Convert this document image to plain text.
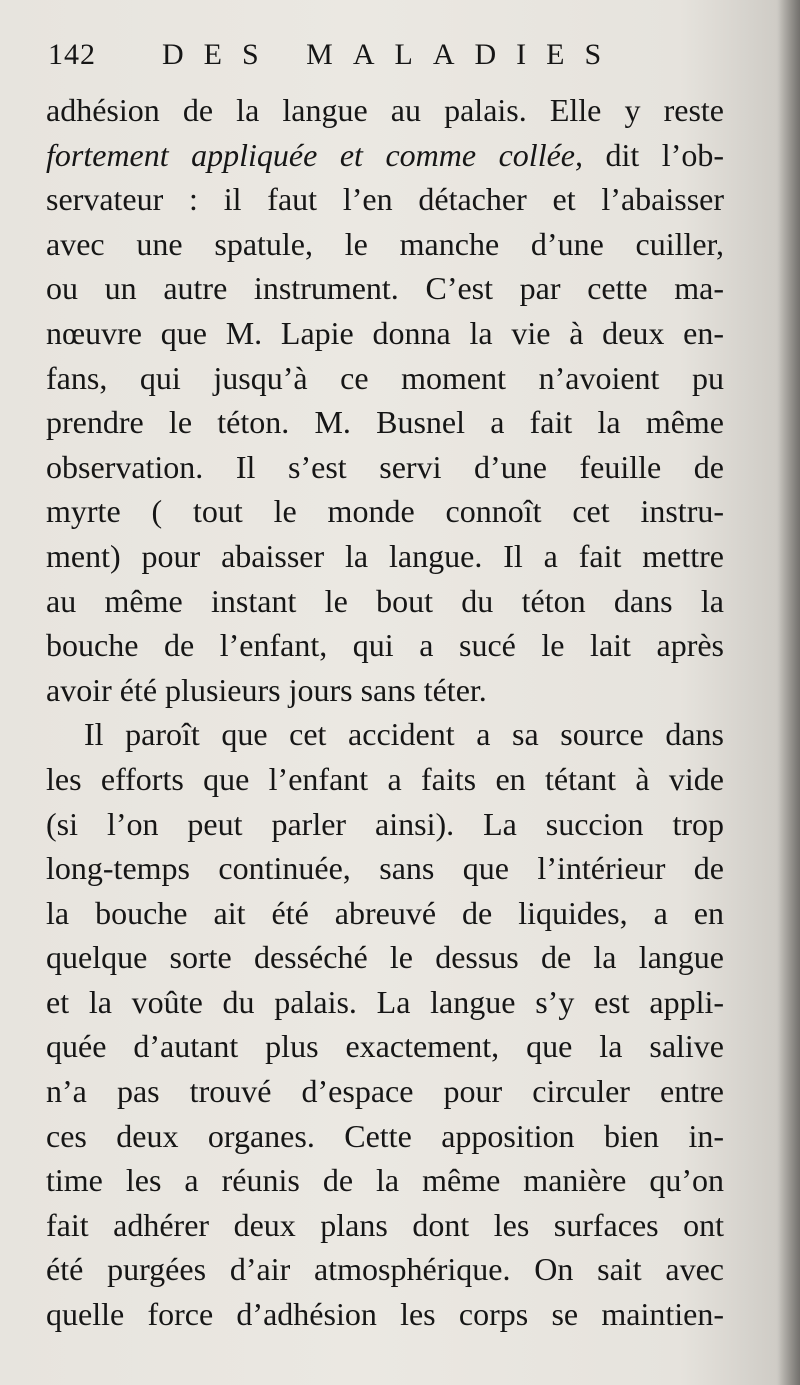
142 DES MALADIES
adhésion de la langue au palais. Elle y reste
fortement appliquée et comme collée, dit l’ob-
servateur : il faut l’en détacher et l’abaisser
avec une spatule, le manche d’une cuiller,
ou un autre instrument. C’est par cette ma-
nœuvre que M. Lapie donna la vie à deux en-
fans, qui jusqu’à ce moment n’avoient pu
prendre le téton. M. Busnel a fait la même
observation. Il s’est servi d’une feuille de
myrte ( tout le monde connoît cet instru-
ment) pour abaisser la langue. Il a fait mettre
au même instant le bout du téton dans la
bouche de l’enfant, qui a sucé le lait après
avoir été plusieurs jours sans téter.
Il paroît que cet accident a sa source dans
les efforts que l’enfant a faits en tétant à vide
(si l’on peut parler ainsi). La succion trop
long-temps continuée, sans que l’intérieur de
la bouche ait été abreuvé de liquides, a en
quelque sorte desséché le dessus de la langue
et la voûte du palais. La langue s’y est appli-
quée d’autant plus exactement, que la salive
n’a pas trouvé d’espace pour circuler entre
ces deux organes. Cette apposition bien in-
time les a réunis de la même manière qu’on
fait adhérer deux plans dont les surfaces ont
été purgées d’air atmosphérique. On sait avec
quelle force d’adhésion les corps se maintien-
